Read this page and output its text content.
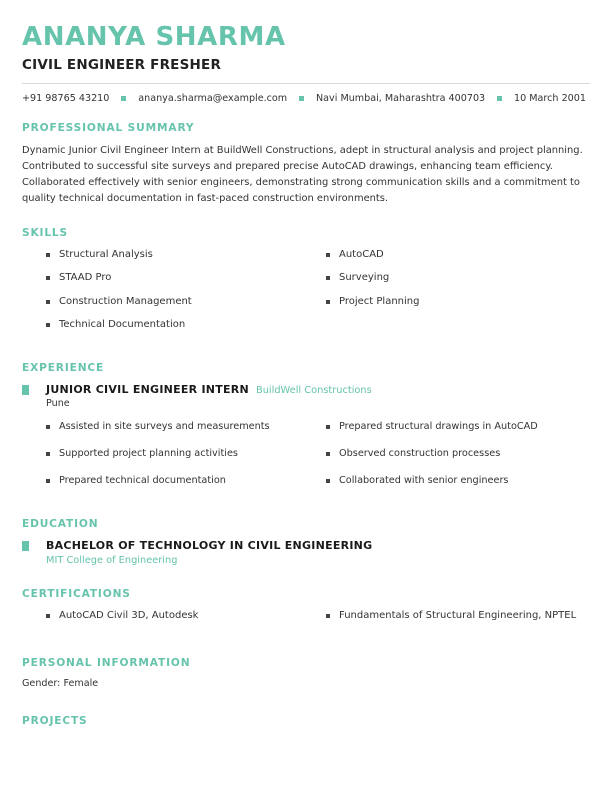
ANANYA SHARMA
CIVIL ENGINEER FRESHER
+91 98765 43210	ananya.sharma@example.com	Navi Mumbai, Maharashtra 400703	10 March 2001
PROFESSIONAL SUMMARY

Dynamic Junior Civil Engineer Intern at BuildWell Constructions, adept in structural analysis and project planning. Contributed to successful site surveys and prepared precise AutoCAD drawings, enhancing team efficiency. Collaborated effectively with senior engineers, demonstrating strong communication skills and a commitment to quality technical documentation in fast-paced construction environments.

SKILLS
Structural Analysis
STAAD Pro
Construction Management
Technical Documentation
AutoCAD
Surveying
Project Planning
EXPERIENCE
JUNIOR CIVIL ENGINEER INTERN BuildWell Constructions
Pune
Assisted in site surveys and measurements
Supported project planning activities
Prepared technical documentation
Prepared structural drawings in AutoCAD
Observed construction processes
Collaborated with senior engineers
EDUCATION
BACHELOR OF TECHNOLOGY IN CIVIL ENGINEERING
MIT College of Engineering
CERTIFICATIONS
AutoCAD Civil 3D, Autodesk	Fundamentals of Structural Engineering, NPTEL
PERSONAL INFORMATION
Gender: Female
PROJECTS
